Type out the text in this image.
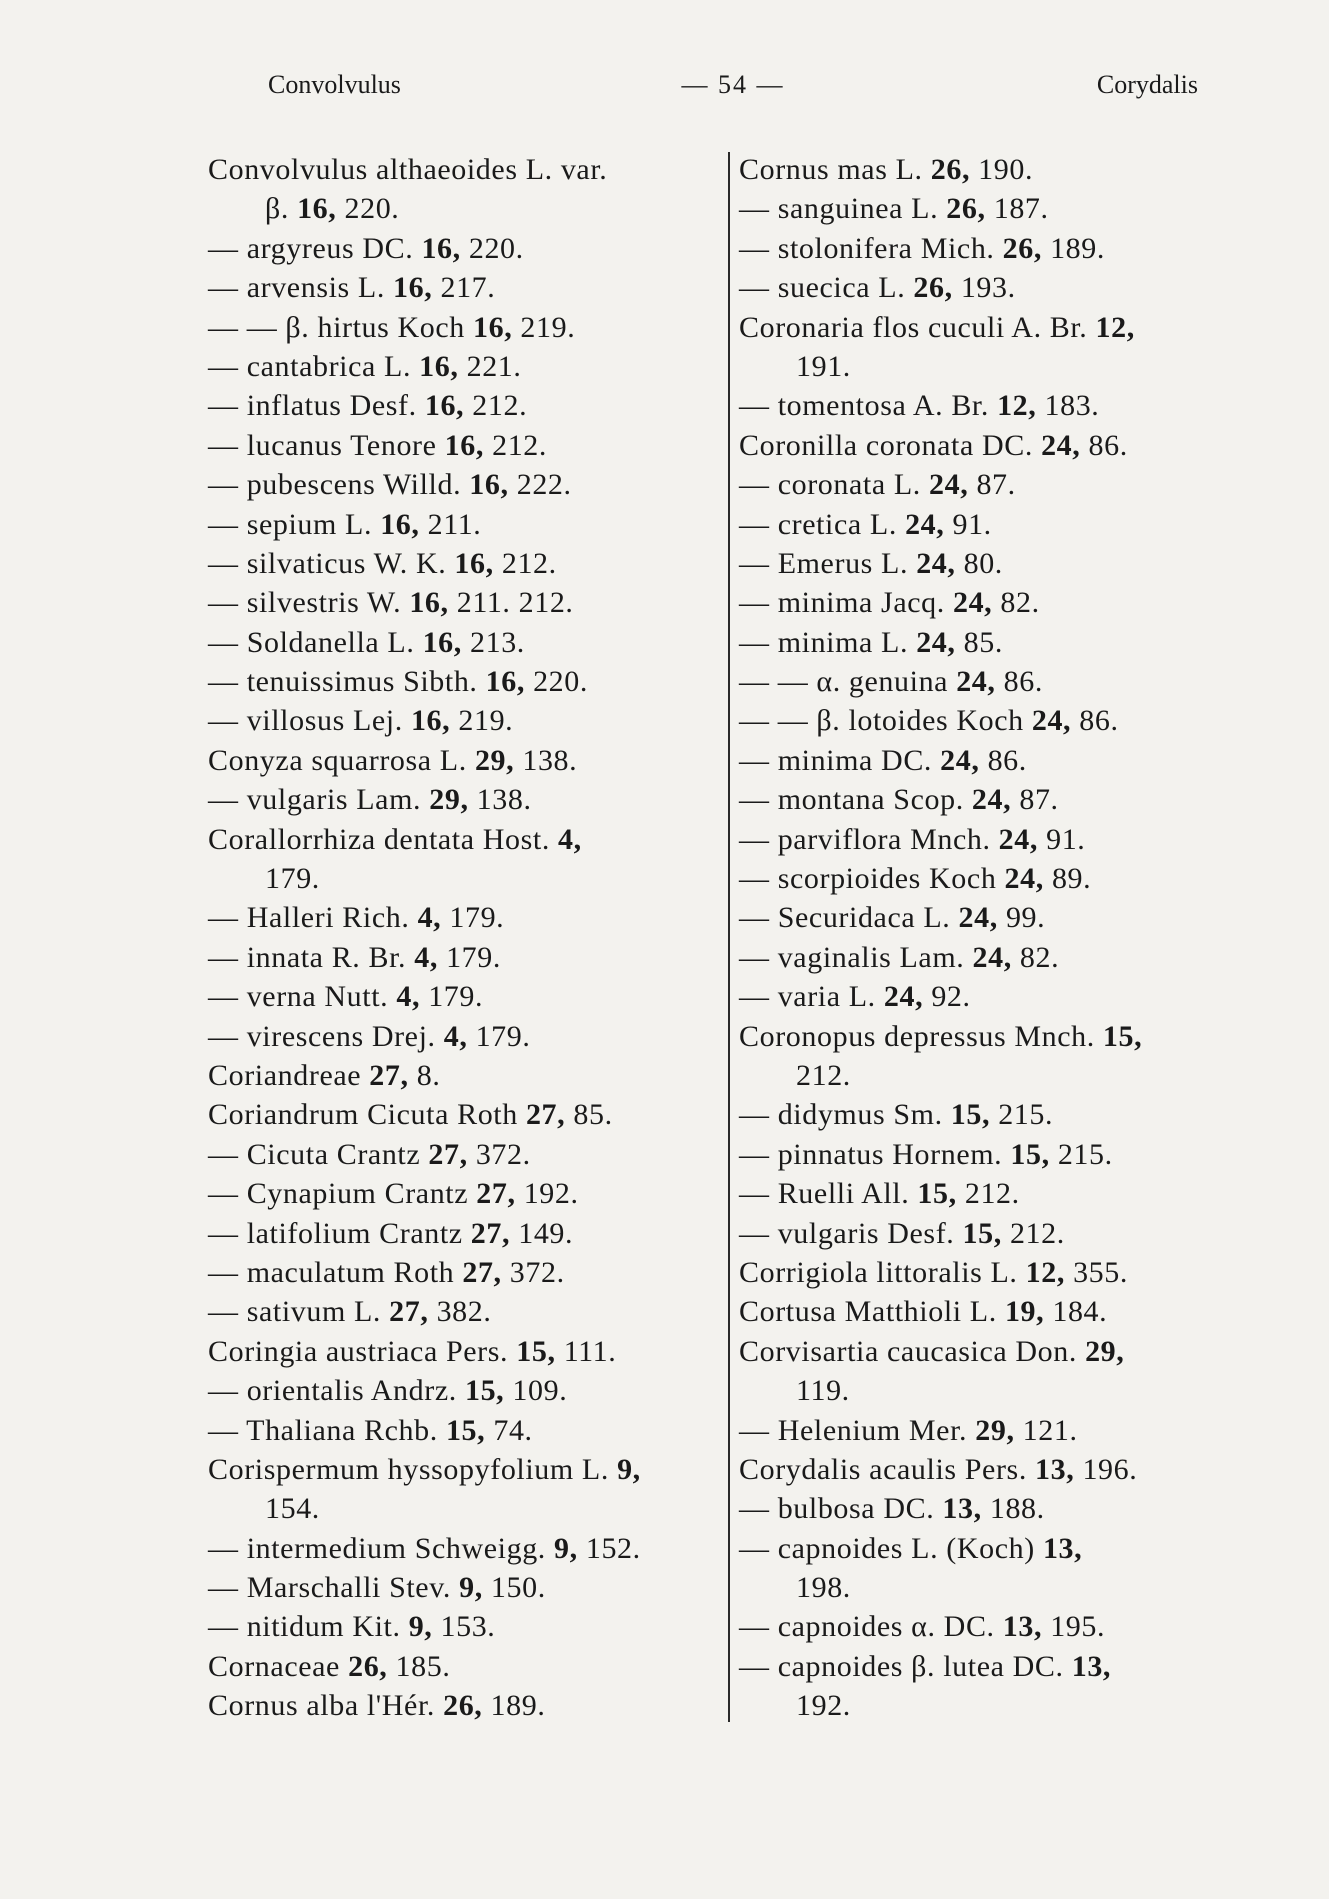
Convolvulus	— 54 —	Corydalis
Convolvulus althaeoides L. var.
β. 16, 220.
— argyreus DC. 16, 220.
— arvensis L. 16, 217.
— — β. hirtus Koch 16, 219.
— cantabrica L. 16, 221.
— inflatus Desf. 16, 212.
— lucanus Tenore 16, 212.
— pubescens Willd. 16, 222.
— sepium L. 16, 211.
— silvaticus W. K. 16, 212.
— silvestris W. 16, 211. 212.
— Soldanella L. 16, 213.
— tenuissimus Sibth. 16, 220.
— villosus Lej. 16, 219.
Conyza squarrosa L. 29, 138.
— vulgaris Lam. 29, 138.
Corallorrhiza dentata Host. 4,
179.
— Halleri Rich. 4, 179.
— innata R. Br. 4, 179.
— verna Nutt. 4, 179.
— virescens Drej. 4, 179.
Coriandreae 27, 8.
Coriandrum Cicuta Roth 27, 85.
— Cicuta Crantz 27, 372.
— Cynapium Crantz 27, 192.
— latifolium Crantz 27, 149.
— maculatum Roth 27, 372.
— sativum L. 27, 382.
Coringia austriaca Pers. 15, 111.
— orientalis Andrz. 15, 109.
— Thaliana Rchb. 15, 74.
Corispermum hyssopyfolium L. 9,
154.
— intermedium Schweigg. 9, 152.
— Marschalli Stev. 9, 150.
— nitidum Kit. 9, 153.
Cornaceae 26, 185.
Cornus alba l'Hér. 26, 189.
Cornus mas L. 26, 190.
— sanguinea L. 26, 187.
— stolonifera Mich. 26, 189.
— suecica L. 26, 193.
Coronaria flos cuculi A. Br. 12,
191.
— tomentosa A. Br. 12, 183.
Coronilla coronata DC. 24, 86.
— coronata L. 24, 87.
— cretica L. 24, 91.
— Emerus L. 24, 80.
— minima Jacq. 24, 82.
— minima L. 24, 85.
— — α. genuina 24, 86.
— — β. lotoides Koch 24, 86.
— minima DC. 24, 86.
— montana Scop. 24, 87.
— parviflora Mnch. 24, 91.
— scorpioides Koch 24, 89.
— Securidaca L. 24, 99.
— vaginalis Lam. 24, 82.
— varia L. 24, 92.
Coronopus depressus Mnch. 15,
212.
— didymus Sm. 15, 215.
— pinnatus Hornem. 15, 215.
— Ruelli All. 15, 212.
— vulgaris Desf. 15, 212.
Corrigiola littoralis L. 12, 355.
Cortusa Matthioli L. 19, 184.
Corvisartia caucasica Don. 29,
119.
— Helenium Mer. 29, 121.
Corydalis acaulis Pers. 13, 196.
— bulbosa DC. 13, 188.
— capnoides L. (Koch) 13,
198.
— capnoides α. DC. 13, 195.
— capnoides β. lutea DC. 13,
192.
